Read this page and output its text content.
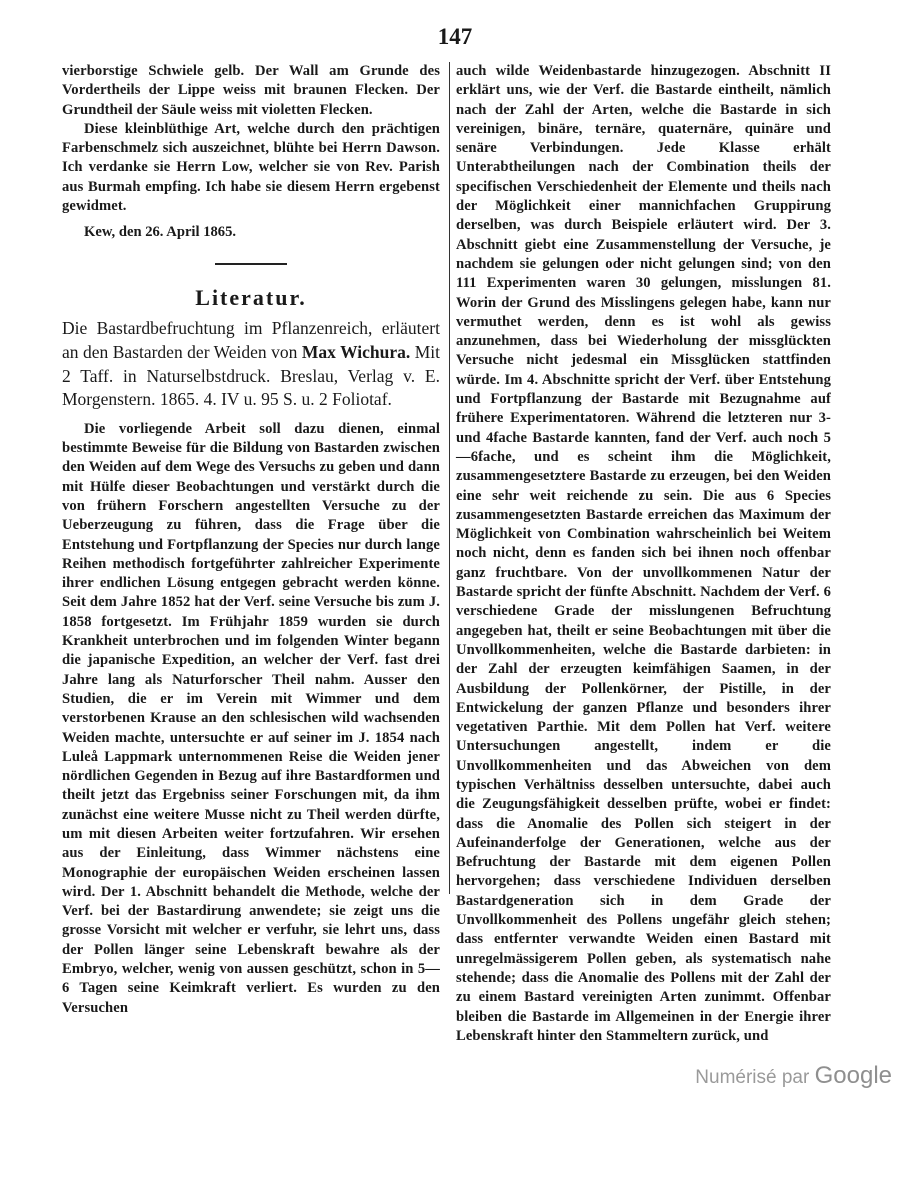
147

vierborstige Schwiele gelb. Der Wall am Grunde des Vordertheils der Lippe weiss mit braunen Flecken. Der Grundtheil der Säule weiss mit violetten Flecken.

Diese kleinblüthige Art, welche durch den prächtigen Farbenschmelz sich auszeichnet, blühte bei Herrn Dawson. Ich verdanke sie Herrn Low, welcher sie von Rev. Parish aus Burmah empfing. Ich habe sie diesem Herrn ergebenst gewidmet.

Kew, den 26. April 1865.

Literatur.

Die Bastardbefruchtung im Pflanzenreich, erläutert an den Bastarden der Weiden von Max Wichura. Mit 2 Taff. in Naturselbstdruck. Breslau, Verlag v. E. Morgenstern. 1865. 4. IV u. 95 S. u. 2 Foliotaf.

Die vorliegende Arbeit soll dazu dienen, einmal bestimmte Beweise für die Bildung von Bastarden zwischen den Weiden auf dem Wege des Versuchs zu geben und dann mit Hülfe dieser Beobachtungen und verstärkt durch die von frühern Forschern angestellten Versuche zu der Ueberzeugung zu führen, dass die Frage über die Entstehung und Fortpflanzung der Species nur durch lange Reihen methodisch fortgeführter zahlreicher Experimente ihrer endlichen Lösung entgegen gebracht werden könne. Seit dem Jahre 1852 hat der Verf. seine Versuche bis zum J. 1858 fortgesetzt. Im Frühjahr 1859 wurden sie durch Krankheit unterbrochen und im folgenden Winter begann die japanische Expedition, an welcher der Verf. fast drei Jahre lang als Naturforscher Theil nahm. Ausser den Studien, die er im Verein mit Wimmer und dem verstorbenen Krause an den schlesischen wild wachsenden Weiden machte, untersuchte er auf seiner im J. 1854 nach Luleå Lappmark unternommenen Reise die Weiden jener nördlichen Gegenden in Bezug auf ihre Bastardformen und theilt jetzt das Ergebniss seiner Forschungen mit, da ihm zunächst eine weitere Musse nicht zu Theil werden dürfte, um mit diesen Arbeiten weiter fortzufahren. Wir ersehen aus der Einleitung, dass Wimmer nächstens eine Monographie der europäischen Weiden erscheinen lassen wird. Der 1. Abschnitt behandelt die Methode, welche der Verf. bei der Bastardirung anwendete; sie zeigt uns die grosse Vorsicht mit welcher er verfuhr, sie lehrt uns, dass der Pollen länger seine Lebenskraft bewahre als der Embryo, welcher, wenig von aussen geschützt, schon in 5—6 Tagen seine Keimkraft verliert. Es wurden zu den Versuchen

auch wilde Weidenbastarde hinzugezogen. Abschnitt II erklärt uns, wie der Verf. die Bastarde eintheilt, nämlich nach der Zahl der Arten, welche die Bastarde in sich vereinigen, binäre, ternäre, quaternäre, quinäre und senäre Verbindungen. Jede Klasse erhält Unterabtheilungen nach der Combination theils der specifischen Verschiedenheit der Elemente und theils nach der Möglichkeit einer mannichfachen Gruppirung derselben, was durch Beispiele erläutert wird. Der 3. Abschnitt giebt eine Zusammenstellung der Versuche, je nachdem sie gelungen oder nicht gelungen sind; von den 111 Experimenten waren 30 gelungen, misslungen 81. Worin der Grund des Misslingens gelegen habe, kann nur vermuthet werden, denn es ist wohl als gewiss anzunehmen, dass bei Wiederholung der missglückten Versuche nicht jedesmal ein Missglücken stattfinden würde. Im 4. Abschnitte spricht der Verf. über Entstehung und Fortpflanzung der Bastarde mit Bezugnahme auf frühere Experimentatoren. Während die letzteren nur 3- und 4fache Bastarde kannten, fand der Verf. auch noch 5—6fache, und es scheint ihm die Möglichkeit, zusammengesetztere Bastarde zu erzeugen, bei den Weiden eine sehr weit reichende zu sein. Die aus 6 Species zusammengesetzten Bastarde erreichen das Maximum der Möglichkeit von Combination wahrscheinlich bei Weitem noch nicht, denn es fanden sich bei ihnen noch offenbar ganz fruchtbare. Von der unvollkommenen Natur der Bastarde spricht der fünfte Abschnitt. Nachdem der Verf. 6 verschiedene Grade der misslungenen Befruchtung angegeben hat, theilt er seine Beobachtungen mit über die Unvollkommenheiten, welche die Bastarde darbieten: in der Zahl der erzeugten keimfähigen Saamen, in der Ausbildung der Pollenkörner, der Pistille, in der Entwickelung der ganzen Pflanze und besonders ihrer vegetativen Parthie. Mit dem Pollen hat Verf. weitere Untersuchungen angestellt, indem er die Unvollkommenheiten und das Abweichen von dem typischen Verhältniss desselben untersuchte, dabei auch die Zeugungsfähigkeit desselben prüfte, wobei er findet: dass die Anomalie des Pollen sich steigert in der Aufeinanderfolge der Generationen, welche aus der Befruchtung der Bastarde mit dem eigenen Pollen hervorgehen; dass verschiedene Individuen derselben Bastardgeneration sich in dem Grade der Unvollkommenheit des Pollens ungefähr gleich stehen; dass entfernter verwandte Weiden einen Bastard mit unregelmässigerem Pollen geben, als systematisch nahe stehende; dass die Anomalie des Pollens mit der Zahl der zu einem Bastard vereinigten Arten zunimmt. Offenbar bleiben die Bastarde im Allgemeinen in der Energie ihrer Lebenskraft hinter den Stammeltern zurück, und

Numérisé par Google
